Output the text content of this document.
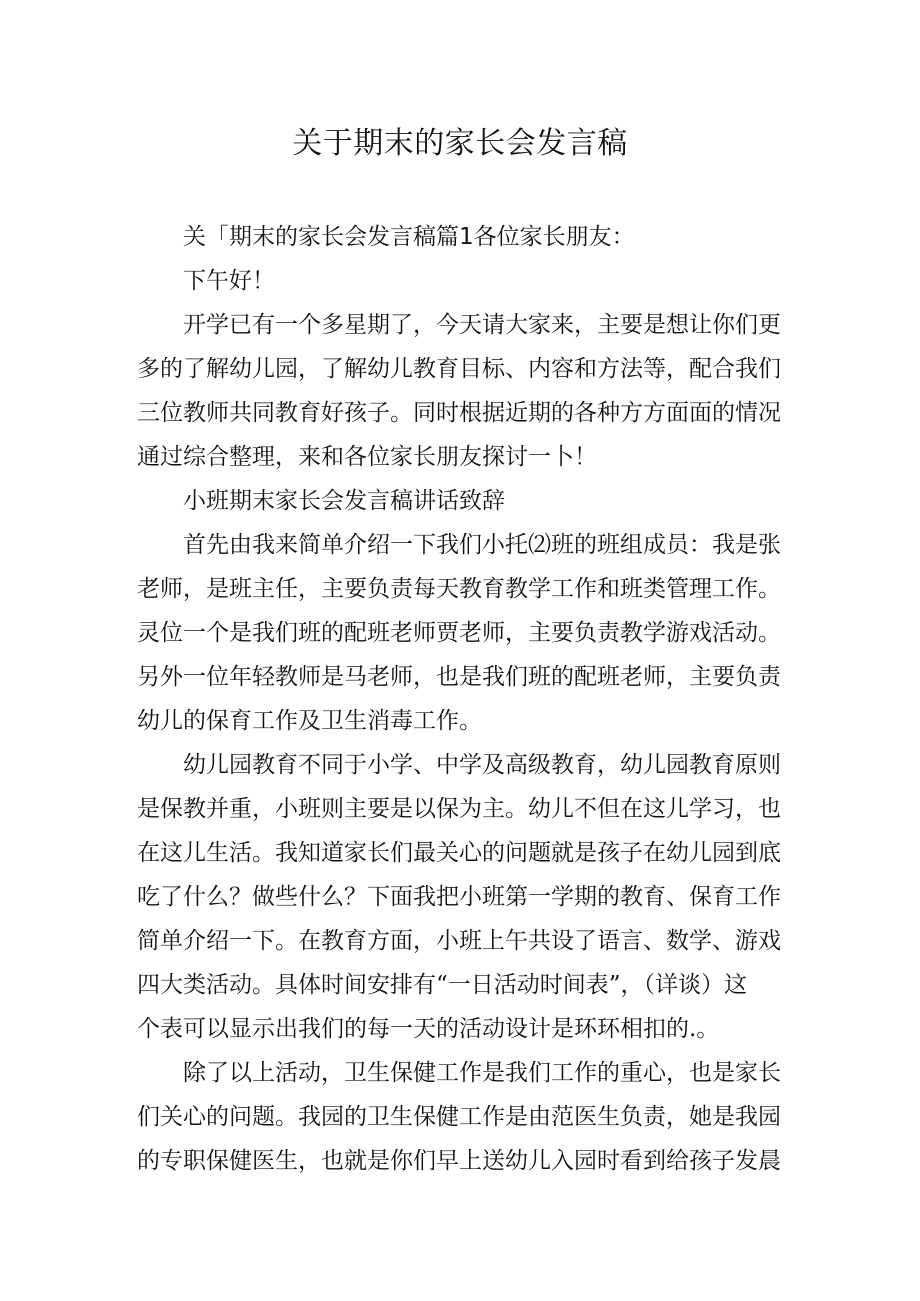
关于期末的家长会发言稿

关「期末的家长会发言稿篇1各位家长朋友：

下午好！

开学已有一个多星期了，今天请大家来，主要是想让你们更
多的了解幼儿园，了解幼儿教育目标、内容和方法等，配合我们
三位教师共同教育好孩子。同时根据近期的各种方方面面的情况
通过综合整理，来和各位家长朋友探讨一卜！

小班期末家长会发言稿讲话致辞

首先由我来简单介绍一下我们小托⑵班的班组成员：我是张
老师，是班主任，主要负责每天教育教学工作和班类管理工作。
灵位一个是我们班的配班老师贾老师，主要负责教学游戏活动。
另外一位年轻教师是马老师，也是我们班的配班老师，主要负责
幼儿的保育工作及卫生消毒工作。

幼儿园教育不同于小学、中学及高级教育，幼儿园教育原则
是保教并重，小班则主要是以保为主。幼儿不但在这儿学习，也
在这儿生活。我知道家长们最关心的问题就是孩子在幼儿园到底
吃了什么？做些什么？下面我把小班第一学期的教育、保育工作
简单介绍一下。在教育方面，小班上午共设了语言、数学、游戏
四大类活动。具体时间安排有“一日活动时间表”，（详谈）这
个表可以显示出我们的每一天的活动设计是环环相扣的.。

除了以上活动，卫生保健工作是我们工作的重心，也是家长
们关心的问题。我园的卫生保健工作是由范医生负责，她是我园
的专职保健医生，也就是你们早上送幼儿入园时看到给孩子发晨
